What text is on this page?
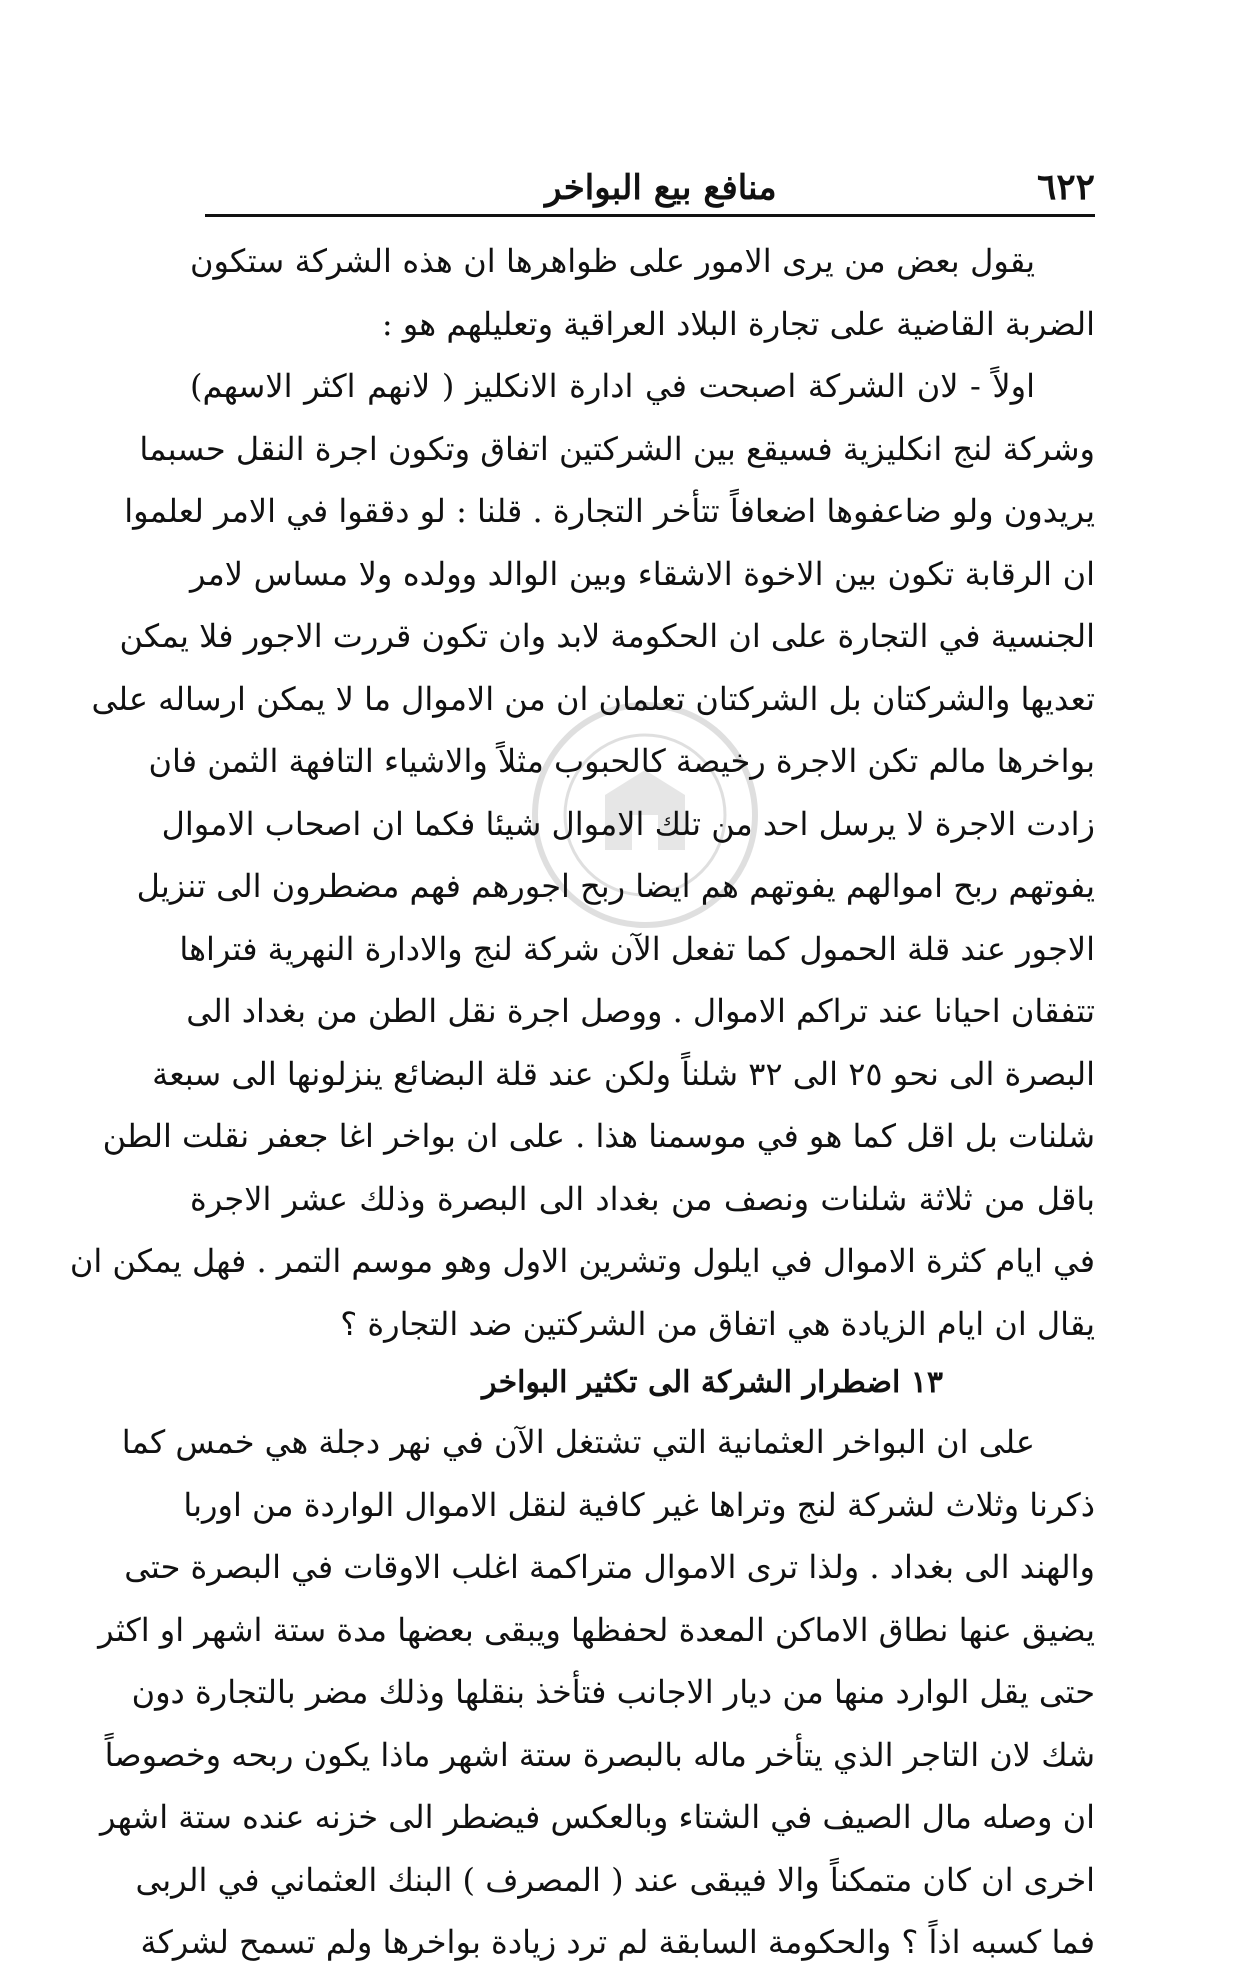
٦٢٢
منافع بيع البواخر

يقول بعض من يرى الامور على ظواهرها ان هذه الشركة ستكون
الضربة القاضية على تجارة البلاد العراقية وتعليلهم هو :

اولاً - لان الشركة اصبحت في ادارة الانكليز ( لانهم اكثر الاسهم)
وشركة لنج انكليزية فسيقع بين الشركتين اتفاق وتكون اجرة النقل حسبما
يريدون ولو ضاعفوها اضعافاً تتأخر التجارة . قلنا : لو دققوا في الامر لعلموا
ان الرقابة تكون بين الاخوة الاشقاء وبين الوالد وولده ولا مساس لامر
الجنسية في التجارة على ان الحكومة لابد وان تكون قررت الاجور فلا يمكن
تعديها والشركتان بل الشركتان تعلمان ان من الاموال ما لا يمكن ارساله على
بواخرها مالم تكن الاجرة رخيصة كالحبوب مثلاً والاشياء التافهة الثمن فان
زادت الاجرة لا يرسل احد من تلك الاموال شيئا فكما ان اصحاب الاموال
يفوتهم ربح اموالهم يفوتهم هم ايضا ربح اجورهم فهم مضطرون الى تنزيل
الاجور عند قلة الحمول كما تفعل الآن شركة لنج والادارة النهرية فتراها
تتفقان احيانا عند تراكم الاموال . ووصل اجرة نقل الطن من بغداد الى
البصرة الى نحو ٢٥ الى ٣٢ شلناً ولكن عند قلة البضائع ينزلونها الى سبعة
شلنات بل اقل كما هو في موسمنا هذا . على ان بواخر اغا جعفر نقلت الطن
باقل من ثلاثة شلنات ونصف من بغداد الى البصرة وذلك عشر الاجرة
في ايام كثرة الاموال في ايلول وتشرين الاول وهو موسم التمر . فهل يمكن ان
يقال ان ايام الزيادة هي اتفاق من الشركتين ضد التجارة ؟

١٣ اضطرار الشركة الى تكثير البواخر

على ان البواخر العثمانية التي تشتغل الآن في نهر دجلة هي خمس كما
ذكرنا وثلاث لشركة لنج وتراها غير كافية لنقل الاموال الواردة من اوربا
والهند الى بغداد . ولذا ترى الاموال متراكمة اغلب الاوقات في البصرة حتى
يضيق عنها نطاق الاماكن المعدة لحفظها ويبقى بعضها مدة ستة اشهر او اكثر
حتى يقل الوارد منها من ديار الاجانب فتأخذ بنقلها وذلك مضر بالتجارة دون
شك لان التاجر الذي يتأخر ماله بالبصرة ستة اشهر ماذا يكون ربحه وخصوصاً
ان وصله مال الصيف في الشتاء وبالعكس فيضطر الى خزنه عنده ستة اشهر
اخرى ان كان متمكناً والا فيبقى عند ( المصرف ) البنك العثماني في الربى
فما كسبه اذاً ؟ والحكومة السابقة لم ترد زيادة بواخرها ولم تسمح لشركة
